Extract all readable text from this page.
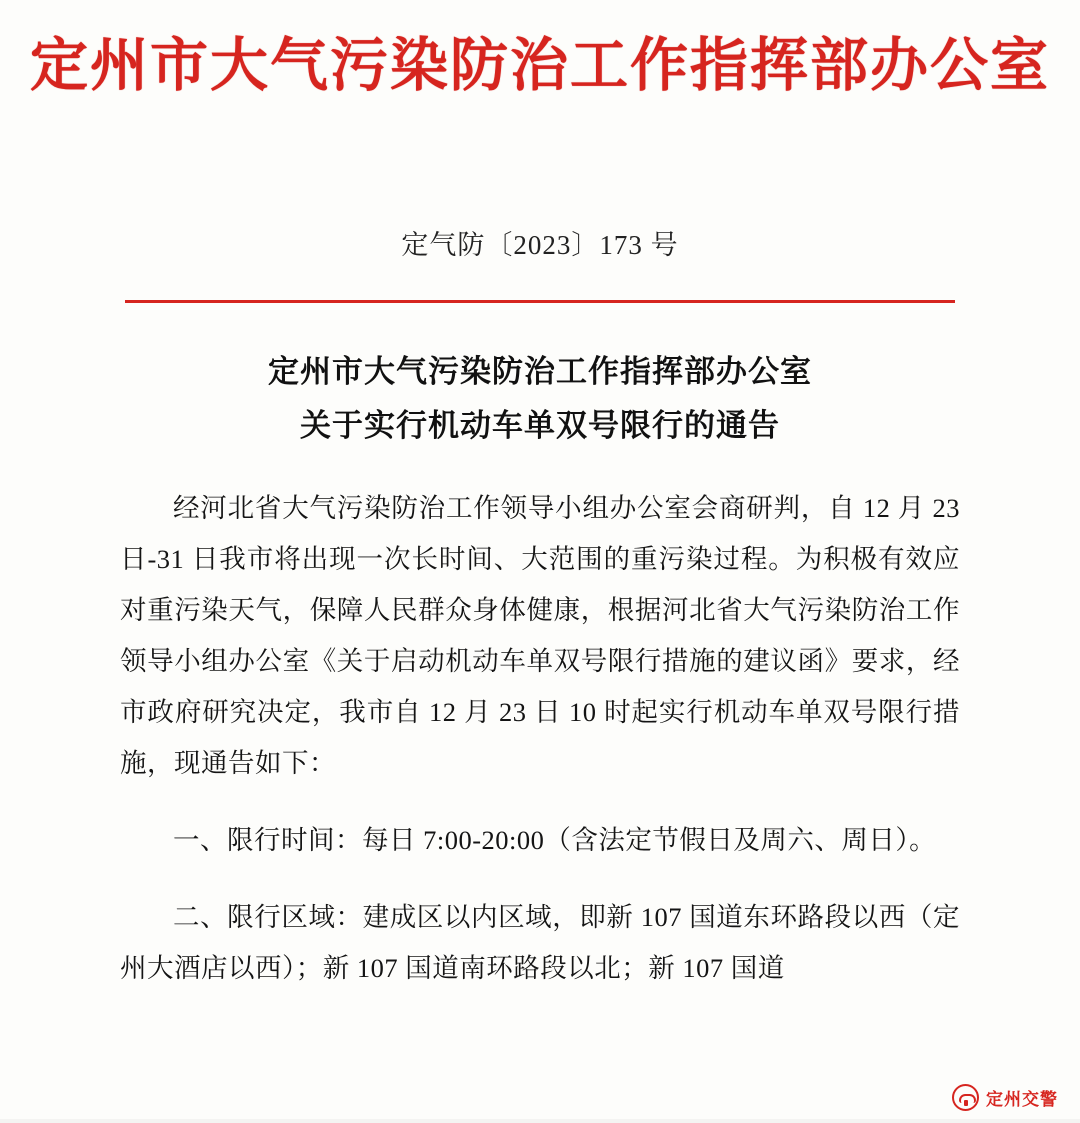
定州市大气污染防治工作指挥部办公室
定气防〔2023〕173 号
定州市大气污染防治工作指挥部办公室
关于实行机动车单双号限行的通告

经河北省大气污染防治工作领导小组办公室会商研判，自 12 月 23 日-31 日我市将出现一次长时间、大范围的重污染过程。为积极有效应对重污染天气，保障人民群众身体健康，根据河北省大气污染防治工作领导小组办公室《关于启动机动车单双号限行措施的建议函》要求，经市政府研究决定，我市自 12 月 23 日 10 时起实行机动车单双号限行措施，现通告如下：

一、限行时间：每日 7:00-20:00（含法定节假日及周六、周日）。

二、限行区域：建成区以内区域，即新 107 国道东环路段以西（定州大酒店以西）；新 107 国道南环路段以北；新 107 国道

定州交警
